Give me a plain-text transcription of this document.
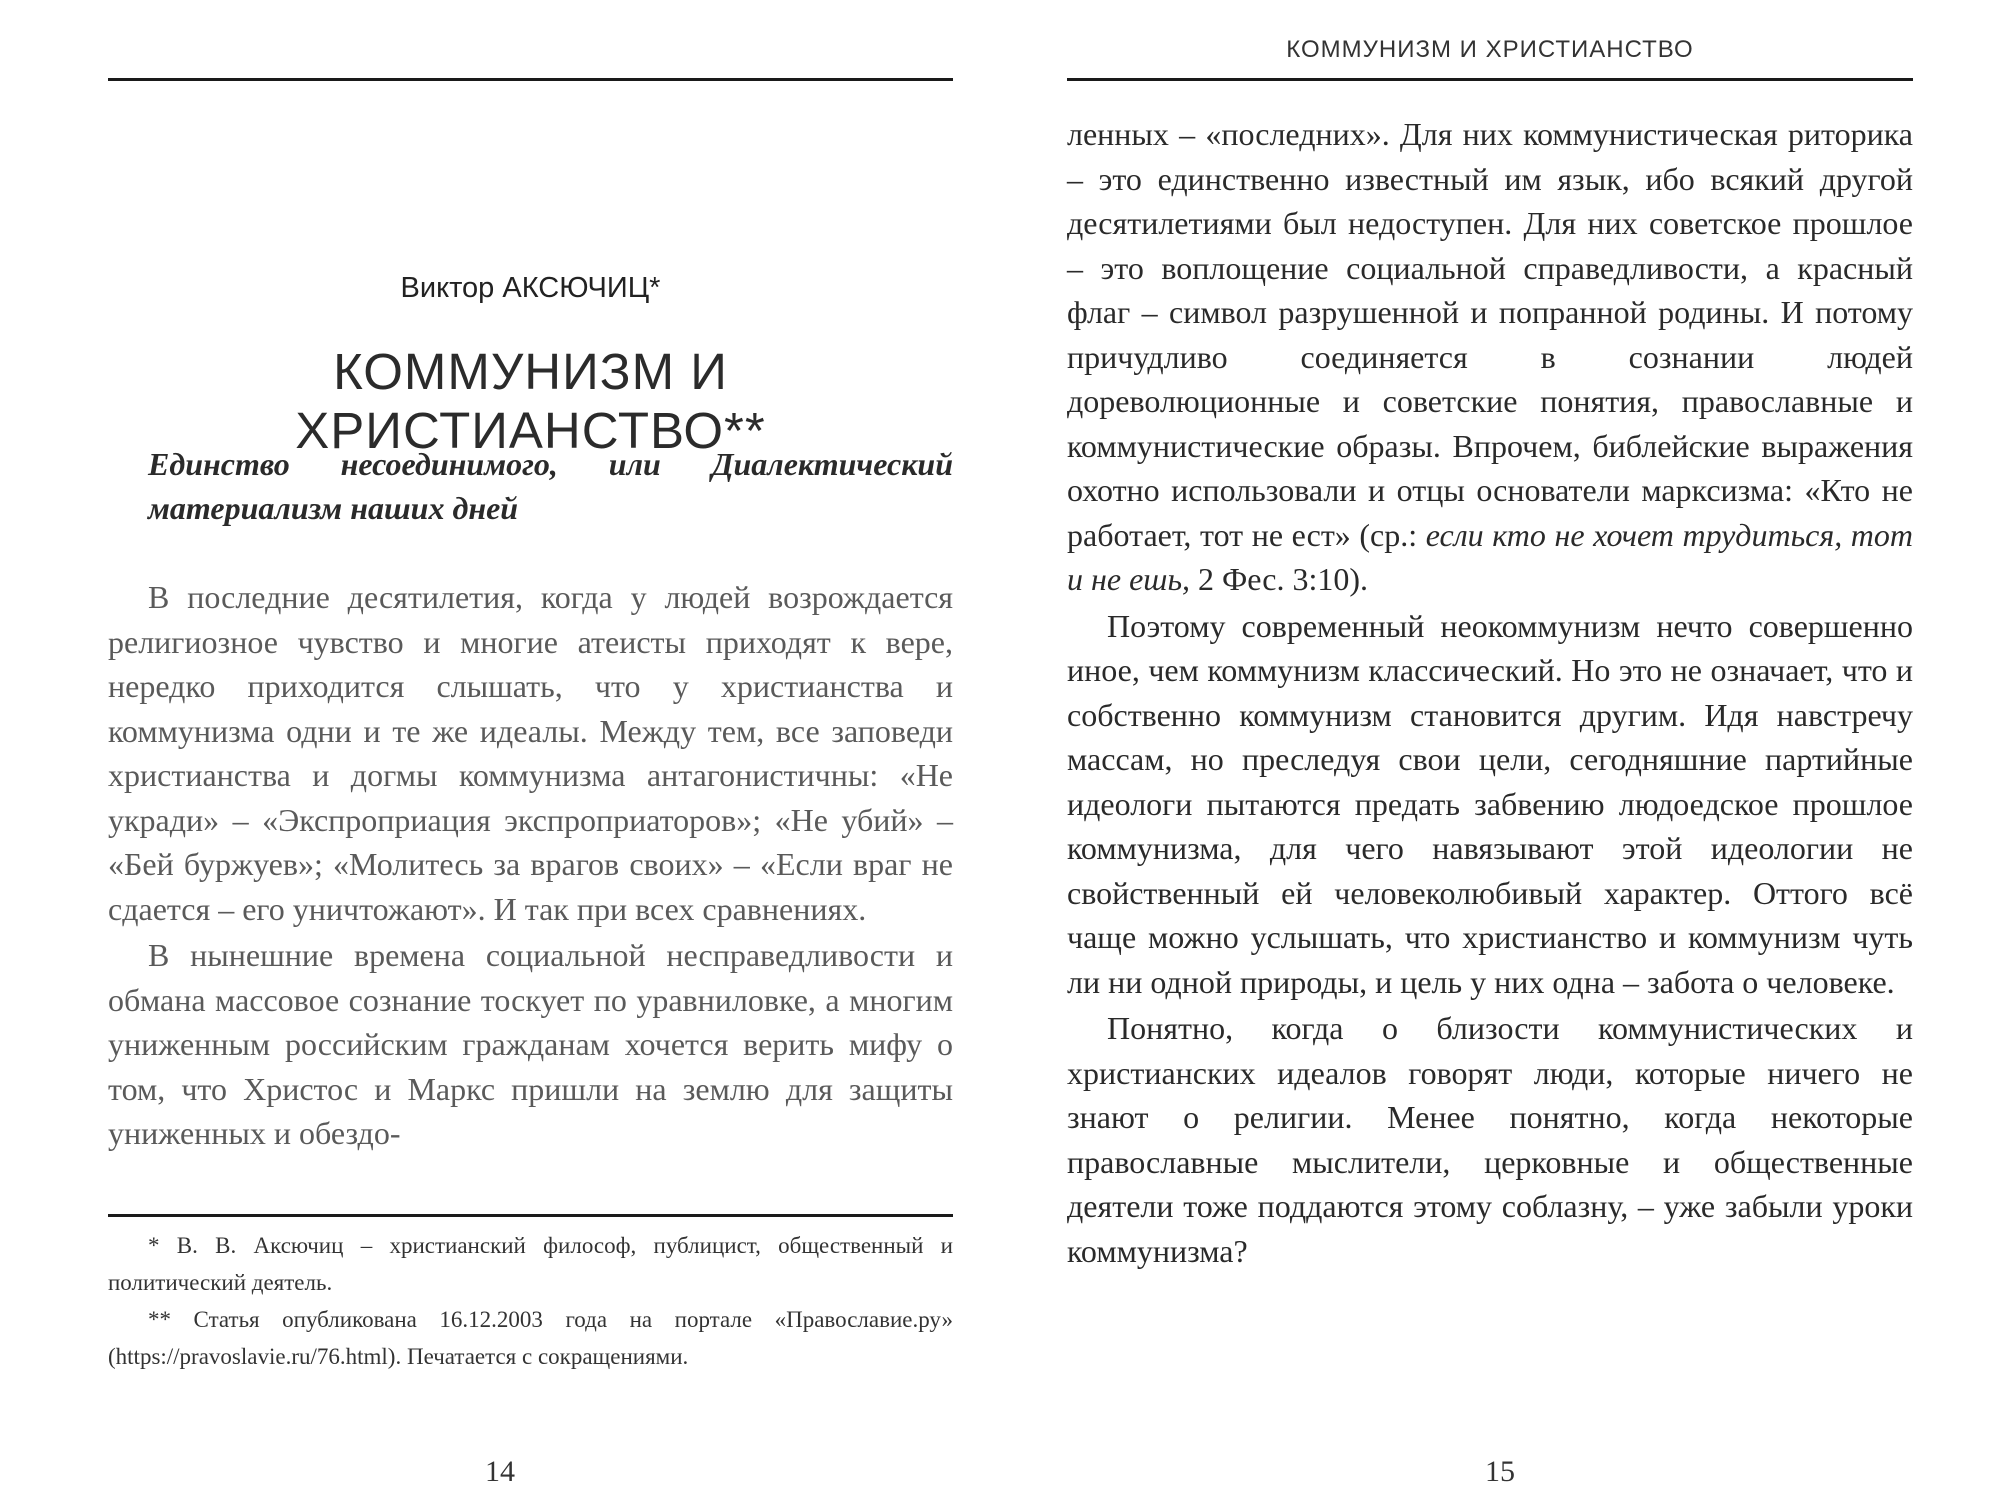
Виктор АКСЮЧИЦ*
КОММУНИЗМ И ХРИСТИАНСТВО**

Единство несоединимого, или Диалектический материализм наших дней

В последние десятилетия, когда у людей возрождается религиозное чувство и многие атеисты приходят к вере, нередко приходится слышать, что у христианства и коммунизма одни и те же идеалы. Между тем, все заповеди христианства и догмы коммунизма антагонистичны: «Не укради» – «Экспроприация экспроприаторов»; «Не убий» – «Бей буржуев»; «Молитесь за врагов своих» – «Если враг не сдается – его уничтожают». И так при всех сравнениях.

В нынешние времена социальной несправедливости и обмана массовое сознание тоскует по уравниловке, а многим униженным российским гражданам хочется верить мифу о том, что Христос и Маркс пришли на землю для защиты униженных и обездо-

* В. В. Аксючиц – христианский философ, публицист, общественный и политический деятель.

** Статья опубликована 16.12.2003 года на портале «Православие.ру» (https://pravoslavie.ru/76.html). Печатается с сокращениями.

14
КОММУНИЗМ И ХРИСТИАНСТВО

ленных – «последних». Для них коммунистическая риторика – это единственно известный им язык, ибо всякий другой десятилетиями был недоступен. Для них советское прошлое – это воплощение социальной справедливости, а красный флаг – символ разрушенной и попранной родины. И потому причудливо соединяется в сознании людей дореволюционные и советские понятия, православные и коммунистические образы. Впрочем, библейские выражения охотно использовали и отцы основатели марксизма: «Кто не работает, тот не ест» (ср.: если кто не хочет трудиться, тот и не ешь, 2 Фес. 3:10).

Поэтому современный неокоммунизм нечто совершенно иное, чем коммунизм классический. Но это не означает, что и собственно коммунизм становится другим. Идя навстречу массам, но преследуя свои цели, сегодняшние партийные идеологи пытаются предать забвению людоедское прошлое коммунизма, для чего навязывают этой идеологии не свойственный ей человеколюбивый характер. Оттого всё чаще можно услышать, что христианство и коммунизм чуть ли ни одной природы, и цель у них одна – забота о человеке.

Понятно, когда о близости коммунистических и христианских идеалов говорят люди, которые ничего не знают о религии. Менее понятно, когда некоторые православные мыслители, церковные и общественные деятели тоже поддаются этому соблазну, – уже забыли уроки коммунизма?

15
